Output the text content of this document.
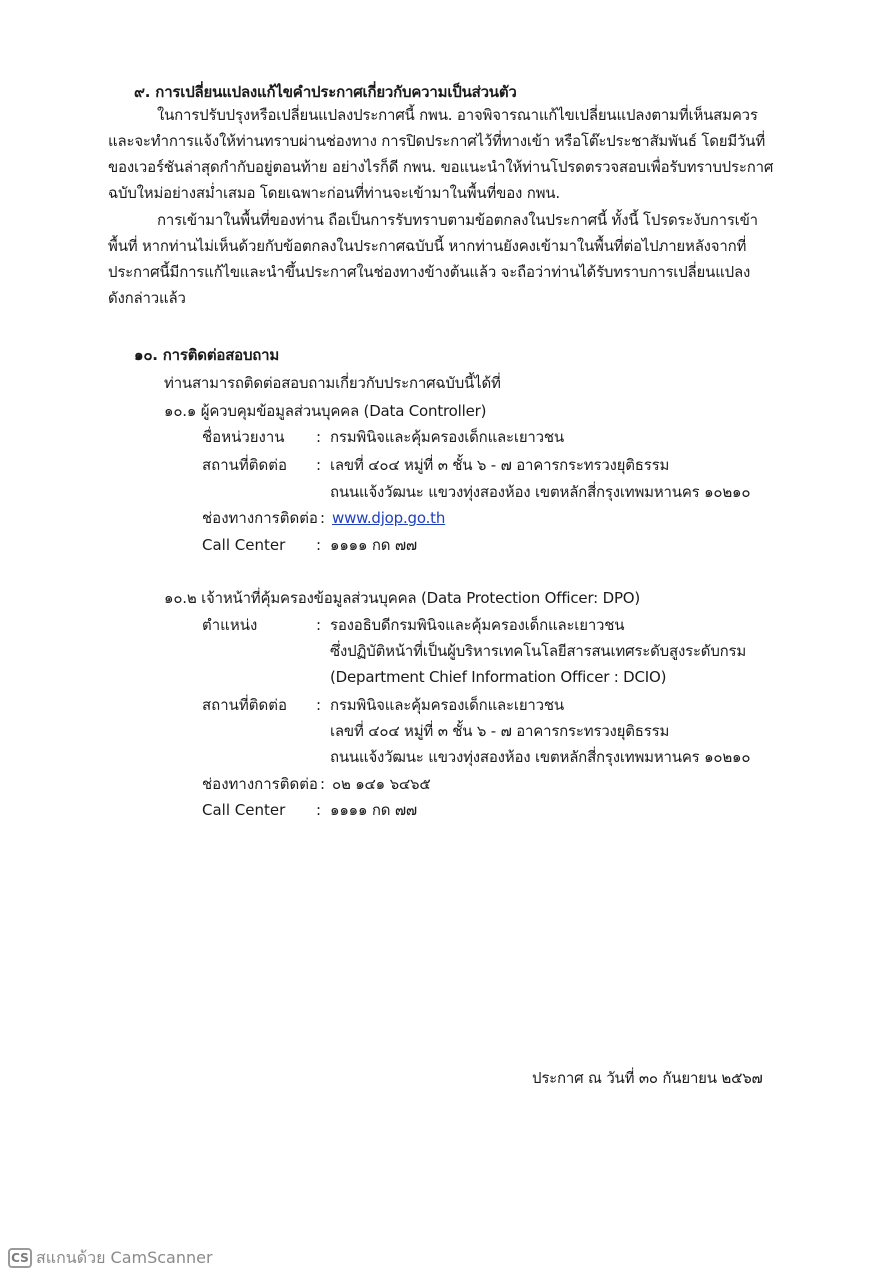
๙. การเปลี่ยนแปลงแก้ไขคำประกาศเกี่ยวกับความเป็นส่วนตัว
ในการปรับปรุงหรือเปลี่ยนแปลงประกาศนี้ กพน. อาจพิจารณาแก้ไขเปลี่ยนแปลงตามที่เห็นสมควร
และจะทำการแจ้งให้ท่านทราบผ่านช่องทาง การปิดประกาศไว้ที่ทางเข้า หรือโต๊ะประชาสัมพันธ์ โดยมีวันที่
ของเวอร์ชันล่าสุดกำกับอยู่ตอนท้าย อย่างไรก็ดี กพน. ขอแนะนำให้ท่านโปรดตรวจสอบเพื่อรับทราบประกาศ
ฉบับใหม่อย่างสม่ำเสมอ โดยเฉพาะก่อนที่ท่านจะเข้ามาในพื้นที่ของ กพน.
การเข้ามาในพื้นที่ของท่าน ถือเป็นการรับทราบตามข้อตกลงในประกาศนี้ ทั้งนี้ โปรดระงับการเข้า
พื้นที่ หากท่านไม่เห็นด้วยกับข้อตกลงในประกาศฉบับนี้ หากท่านยังคงเข้ามาในพื้นที่ต่อไปภายหลังจากที่
ประกาศนี้มีการแก้ไขและนำขึ้นประกาศในช่องทางข้างต้นแล้ว จะถือว่าท่านได้รับทราบการเปลี่ยนแปลง
ดังกล่าวแล้ว
๑๐. การติดต่อสอบถาม
ท่านสามารถติดต่อสอบถามเกี่ยวกับประกาศฉบับนี้ได้ที่
๑๐.๑ ผู้ควบคุมข้อมูลส่วนบุคคล (Data Controller)
ชื่อหน่วยงาน : กรมพินิจและคุ้มครองเด็กและเยาวชน
สถานที่ติดต่อ : เลขที่ ๔๐๔ หมู่ที่ ๓ ชั้น ๖ - ๗ อาคารกระทรวงยุติธรรม
ถนนแจ้งวัฒนะ แขวงทุ่งสองห้อง เขตหลักสี่กรุงเทพมหานคร ๑๐๒๑๐
ช่องทางการติดต่อ : www.djop.go.th
Call Center : ๑๑๑๑ กด ๗๗
๑๐.๒ เจ้าหน้าที่คุ้มครองข้อมูลส่วนบุคคล (Data Protection Officer: DPO)
ตำแหน่ง	: รองอธิบดีกรมพินิจและคุ้มครองเด็กและเยาวชน
ซึ่งปฏิบัติหน้าที่เป็นผู้บริหารเทคโนโลยีสารสนเทศระดับสูงระดับกรม
(Department Chief Information Officer : DCIO)
สถานที่ติดต่อ : กรมพินิจและคุ้มครองเด็กและเยาวชน
เลขที่ ๔๐๔ หมู่ที่ ๓ ชั้น ๖ - ๗ อาคารกระทรวงยุติธรรม
ถนนแจ้งวัฒนะ แขวงทุ่งสองห้อง เขตหลักสี่กรุงเทพมหานคร ๑๐๒๑๐
ช่องทางการติดต่อ : ๐๒ ๑๔๑ ๖๔๖๕
Call Center : ๑๑๑๑ กด ๗๗
ประกาศ ณ วันที่ ๓๐ กันยายน ๒๕๖๗
CS สแกนด้วย CamScanner
